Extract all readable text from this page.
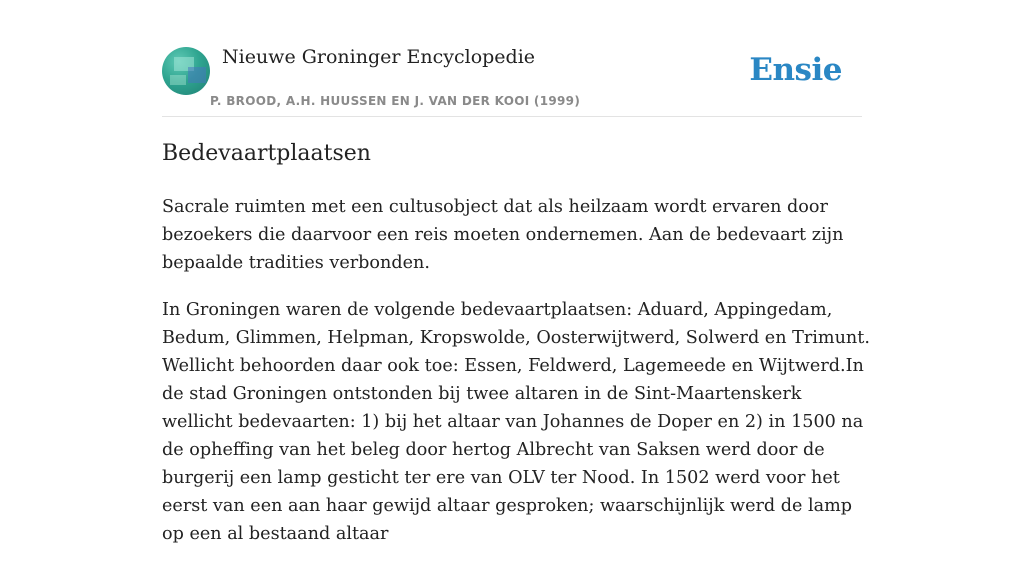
Nieuwe Groninger Encyclopedie
P. BROOD, A.H. HUUSSEN EN J. VAN DER KOOI (1999)
Ensie
Bedevaartplaatsen

Sacrale ruimten met een cultusobject dat als heilzaam wordt ervaren door bezoekers die daarvoor een reis moeten ondernemen. Aan de bedevaart zijn bepaalde tradities verbonden.

In Groningen waren de volgende bedevaartplaatsen: Aduard, Appingedam, Bedum, Glimmen, Helpman, Kropswolde, Oosterwijtwerd, Solwerd en Trimunt. Wellicht behoorden daar ook toe: Essen, Feldwerd, Lagemeede en Wijtwerd.In de stad Groningen ontstonden bij twee altaren in de Sint-Maartenskerk wellicht bedevaarten: 1) bij het altaar van Johannes de Doper en 2) in 1500 na de opheffing van het beleg door hertog Albrecht van Saksen werd door de burgerij een lamp gesticht ter ere van OLV ter Nood. In 1502 werd voor het eerst van een aan haar gewijd altaar gesproken; waarschijnlijk werd de lamp op een al bestaand altaar
